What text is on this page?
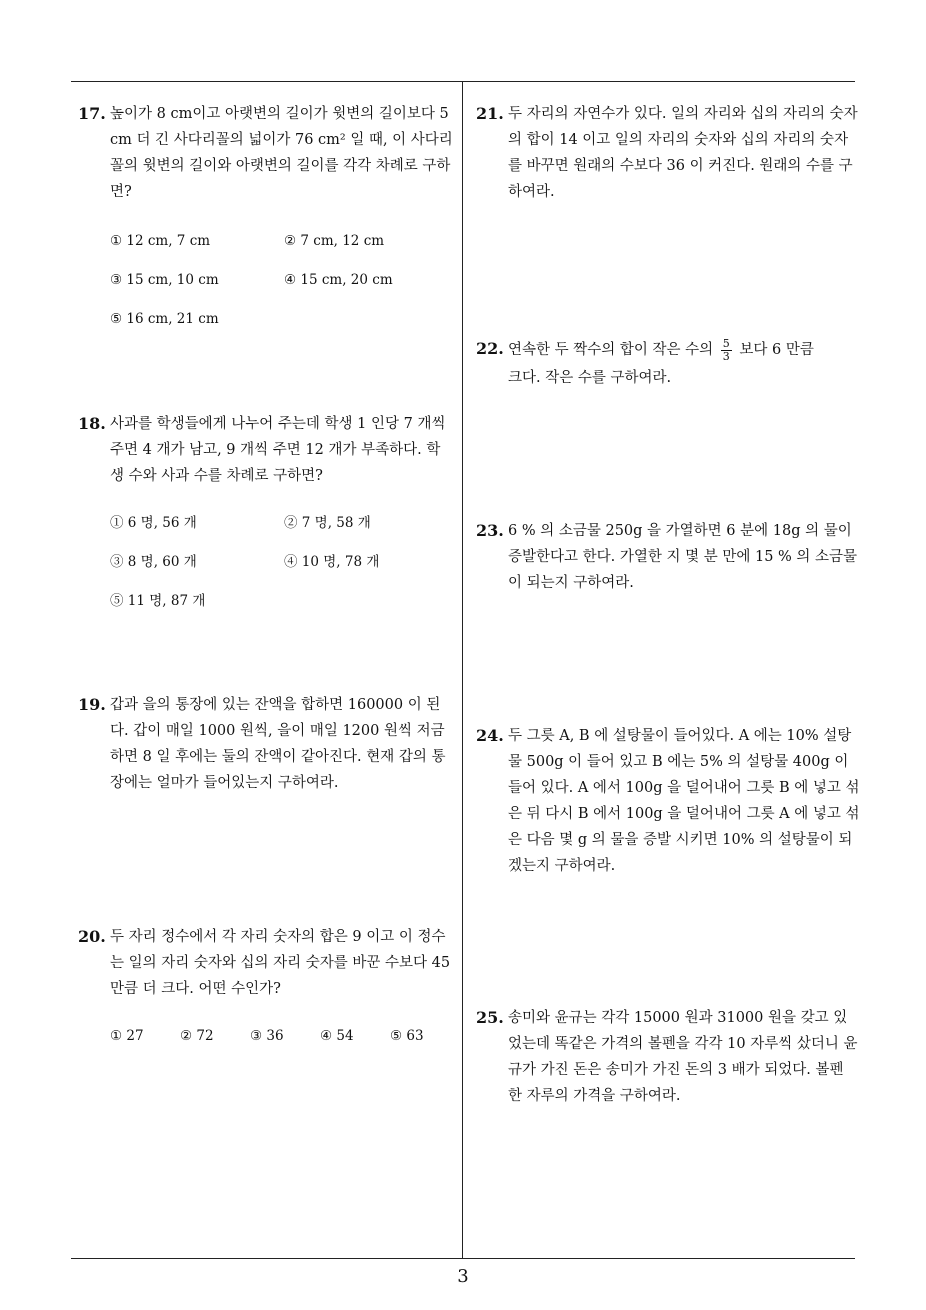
17. 높이가 8 cm이고 아랫변의 길이가 윗변의 길이보다 5 cm 더 긴 사다리꼴의 넓이가 76 cm² 일 때, 이 사다리꼴의 윗변의 길이와 아랫변의 길이를 각각 차례로 구하면?
① 12 cm, 7 cm	② 7 cm, 12 cm
③ 15 cm, 10 cm	④ 15 cm, 20 cm
⑤ 16 cm, 21 cm
18. 사과를 학생들에게 나누어 주는데 학생 1 인당 7 개씩 주면 4 개가 남고, 9 개씩 주면 12 개가 부족하다. 학생 수와 사과 수를 차례로 구하면?
① 6 명, 56 개	② 7 명, 58 개
③ 8 명, 60 개	④ 10 명, 78 개
⑤ 11 명, 87 개
19. 갑과 을의 통장에 있는 잔액을 합하면 160000 이 된다. 갑이 매일 1000 원씩, 을이 매일 1200 원씩 저금하면 8 일 후에는 둘의 잔액이 같아진다. 현재 갑의 통장에는 얼마가 들어있는지 구하여라.
20. 두 자리 정수에서 각 자리 숫자의 합은 9 이고 이 정수는 일의 자리 숫자와 십의 자리 숫자를 바꾼 수보다 45 만큼 더 크다. 어떤 수인가?
① 27	② 72	③ 36	④ 54	⑤ 63
21. 두 자리의 자연수가 있다. 일의 자리와 십의 자리의 숫자의 합이 14 이고 일의 자리의 숫자와 십의 자리의 숫자를 바꾸면 원래의 수보다 36 이 커진다. 원래의 수를 구하여라.
22. 연속한 두 짝수의 합이 작은 수의 $\frac{5}{3}$ 보다 6 만큼
크다. 작은 수를 구하여라.
23. 6 % 의 소금물 250g 을 가열하면 6 분에 18g 의 물이 증발한다고 한다. 가열한 지 몇 분 만에 15 % 의 소금물이 되는지 구하여라.
24. 두 그릇 A, B 에 설탕물이 들어있다. A 에는 10% 설탕물 500g 이 들어 있고 B 에는 5% 의 설탕물 400g 이 들어 있다. A 에서 100g 을 덜어내어 그릇 B 에 넣고 섞은 뒤 다시 B 에서 100g 을 덜어내어 그릇 A 에 넣고 섞은 다음 몇 g 의 물을 증발 시키면 10% 의 설탕물이 되겠는지 구하여라.
25. 송미와 윤규는 각각 15000 원과 31000 원을 갖고 있었는데 똑같은 가격의 볼펜을 각각 10 자루씩 샀더니 윤규가 가진 돈은 송미가 가진 돈의 3 배가 되었다. 볼펜 한 자루의 가격을 구하여라.
3
